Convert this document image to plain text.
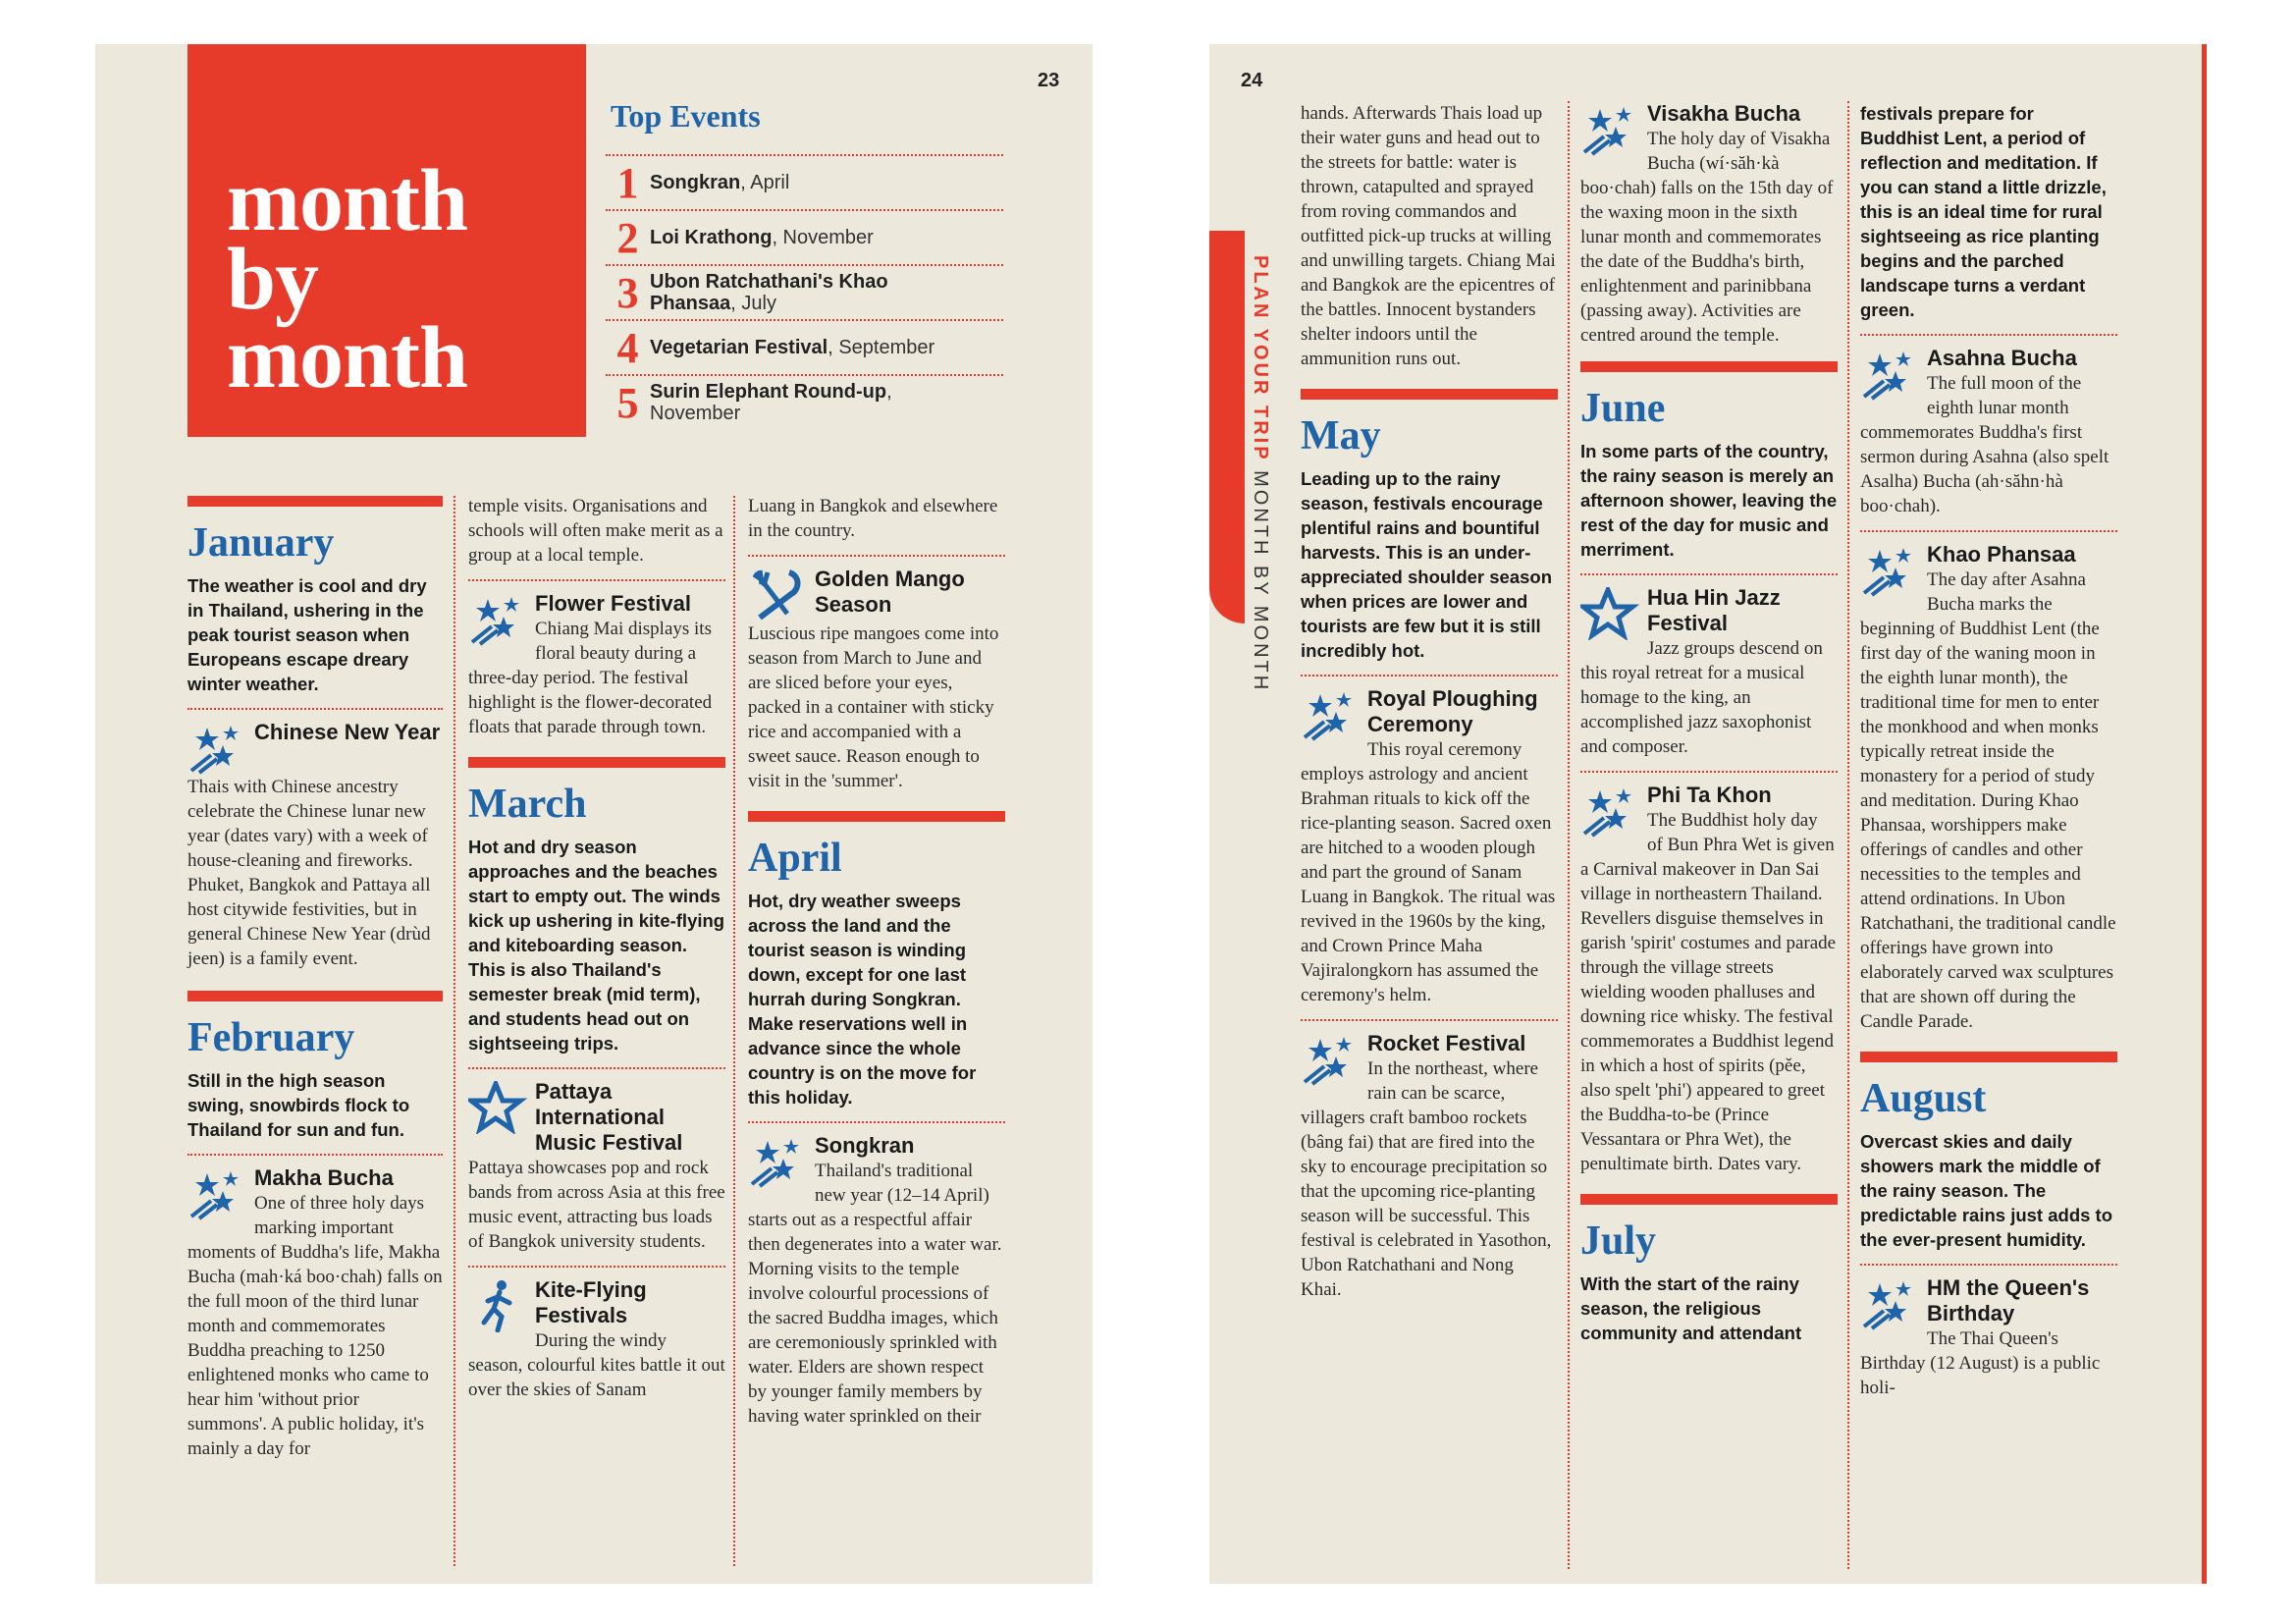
23
month
by
month
Top Events
1 Songkran, April
2 Loi Krathong, November
3 Ubon Ratchathani's Khao Phansaa, July
4 Vegetarian Festival, September
5 Surin Elephant Round-up, November
January
The weather is cool and dry in Thailand, ushering in the peak tourist season when Europeans escape dreary winter weather.
Chinese New Year

Thais with Chinese ancestry celebrate the Chinese lunar new year (dates vary) with a week of house-cleaning and fireworks. Phuket, Bangkok and Pattaya all host citywide festivities, but in general Chinese New Year (drùd jeen) is a family event.

February
Still in the high season swing, snowbirds flock to Thailand for sun and fun.
Makha Bucha

One of three holy days marking important moments of Buddha's life, Makha Bucha (mah·ká boo·chah) falls on the full moon of the third lunar month and commemorates Buddha preaching to 1250 enlightened monks who came to hear him 'without prior summons'. A public holiday, it's mainly a day for

temple visits. Organisations and schools will often make merit as a group at a local temple.

Flower Festival

Chiang Mai displays its floral beauty during a three-day period. The festival highlight is the flower-decorated floats that parade through town.

March
Hot and dry season approaches and the beaches start to empty out. The winds kick up ushering in kite-flying and kiteboarding season. This is also Thailand's semester break (mid term), and students head out on sightseeing trips.
Pattaya International Music Festival

Pattaya showcases pop and rock bands from across Asia at this free music event, attracting bus loads of Bangkok university students.

Kite-Flying Festivals

During the windy season, colourful kites battle it out over the skies of Sanam

Luang in Bangkok and elsewhere in the country.

Golden Mango Season

Luscious ripe mangoes come into season from March to June and are sliced before your eyes, packed in a container with sticky rice and accompanied with a sweet sauce. Reason enough to visit in the 'summer'.

April
Hot, dry weather sweeps across the land and the tourist season is winding down, except for one last hurrah during Songkran. Make reservations well in advance since the whole country is on the move for this holiday.
Songkran

Thailand's traditional new year (12–14 April) starts out as a respectful affair then degenerates into a water war. Morning visits to the temple involve colourful processions of the sacred Buddha images, which are ceremoniously sprinkled with water. Elders are shown respect by younger family members by having water sprinkled on their

24
PLAN YOUR TRIP MONTH BY MONTH

hands. Afterwards Thais load up their water guns and head out to the streets for battle: water is thrown, catapulted and sprayed from roving commandos and outfitted pick-up trucks at willing and unwilling targets. Chiang Mai and Bangkok are the epicentres of the battles. Innocent bystanders shelter indoors until the ammunition runs out.

May
Leading up to the rainy season, festivals encourage plentiful rains and bountiful harvests. This is an under-appreciated shoulder season when prices are lower and tourists are few but it is still incredibly hot.
Royal Ploughing Ceremony

This royal ceremony employs astrology and ancient Brahman rituals to kick off the rice-planting season. Sacred oxen are hitched to a wooden plough and part the ground of Sanam Luang in Bangkok. The ritual was revived in the 1960s by the king, and Crown Prince Maha Vajiralongkorn has assumed the ceremony's helm.

Rocket Festival

In the northeast, where rain can be scarce, villagers craft bamboo rockets (bâng fai) that are fired into the sky to encourage precipitation so that the upcoming rice-planting season will be successful. This festival is celebrated in Yasothon, Ubon Ratchathani and Nong Khai.

Visakha Bucha

The holy day of Visakha Bucha (wí·săh·kà boo·chah) falls on the 15th day of the waxing moon in the sixth lunar month and commemorates the date of the Buddha's birth, enlightenment and parinibbana (passing away). Activities are centred around the temple.

June
In some parts of the country, the rainy season is merely an afternoon shower, leaving the rest of the day for music and merriment.
Hua Hin Jazz Festival

Jazz groups descend on this royal retreat for a musical homage to the king, an accomplished jazz saxophonist and composer.

Phi Ta Khon

The Buddhist holy day of Bun Phra Wet is given a Carnival makeover in Dan Sai village in northeastern Thailand. Revellers disguise themselves in garish 'spirit' costumes and parade through the village streets wielding wooden phalluses and downing rice whisky. The festival commemorates a Buddhist legend in which a host of spirits (pěe, also spelt 'phi') appeared to greet the Buddha-to-be (Prince Vessantara or Phra Wet), the penultimate birth. Dates vary.

July
With the start of the rainy season, the religious community and attendant
festivals prepare for Buddhist Lent, a period of reflection and meditation. If you can stand a little drizzle, this is an ideal time for rural sightseeing as rice planting begins and the parched landscape turns a verdant green.
Asahna Bucha

The full moon of the eighth lunar month commemorates Buddha's first sermon during Asahna (also spelt Asalha) Bucha (ah·săhn·hà boo·chah).

Khao Phansaa

The day after Asahna Bucha marks the beginning of Buddhist Lent (the first day of the waning moon in the eighth lunar month), the traditional time for men to enter the monkhood and when monks typically retreat inside the monastery for a period of study and meditation. During Khao Phansaa, worshippers make offerings of candles and other necessities to the temples and attend ordinations. In Ubon Ratchathani, the traditional candle offerings have grown into elaborately carved wax sculptures that are shown off during the Candle Parade.

August
Overcast skies and daily showers mark the middle of the rainy season. The predictable rains just adds to the ever-present humidity.
HM the Queen's Birthday

The Thai Queen's Birthday (12 August) is a public holi-
